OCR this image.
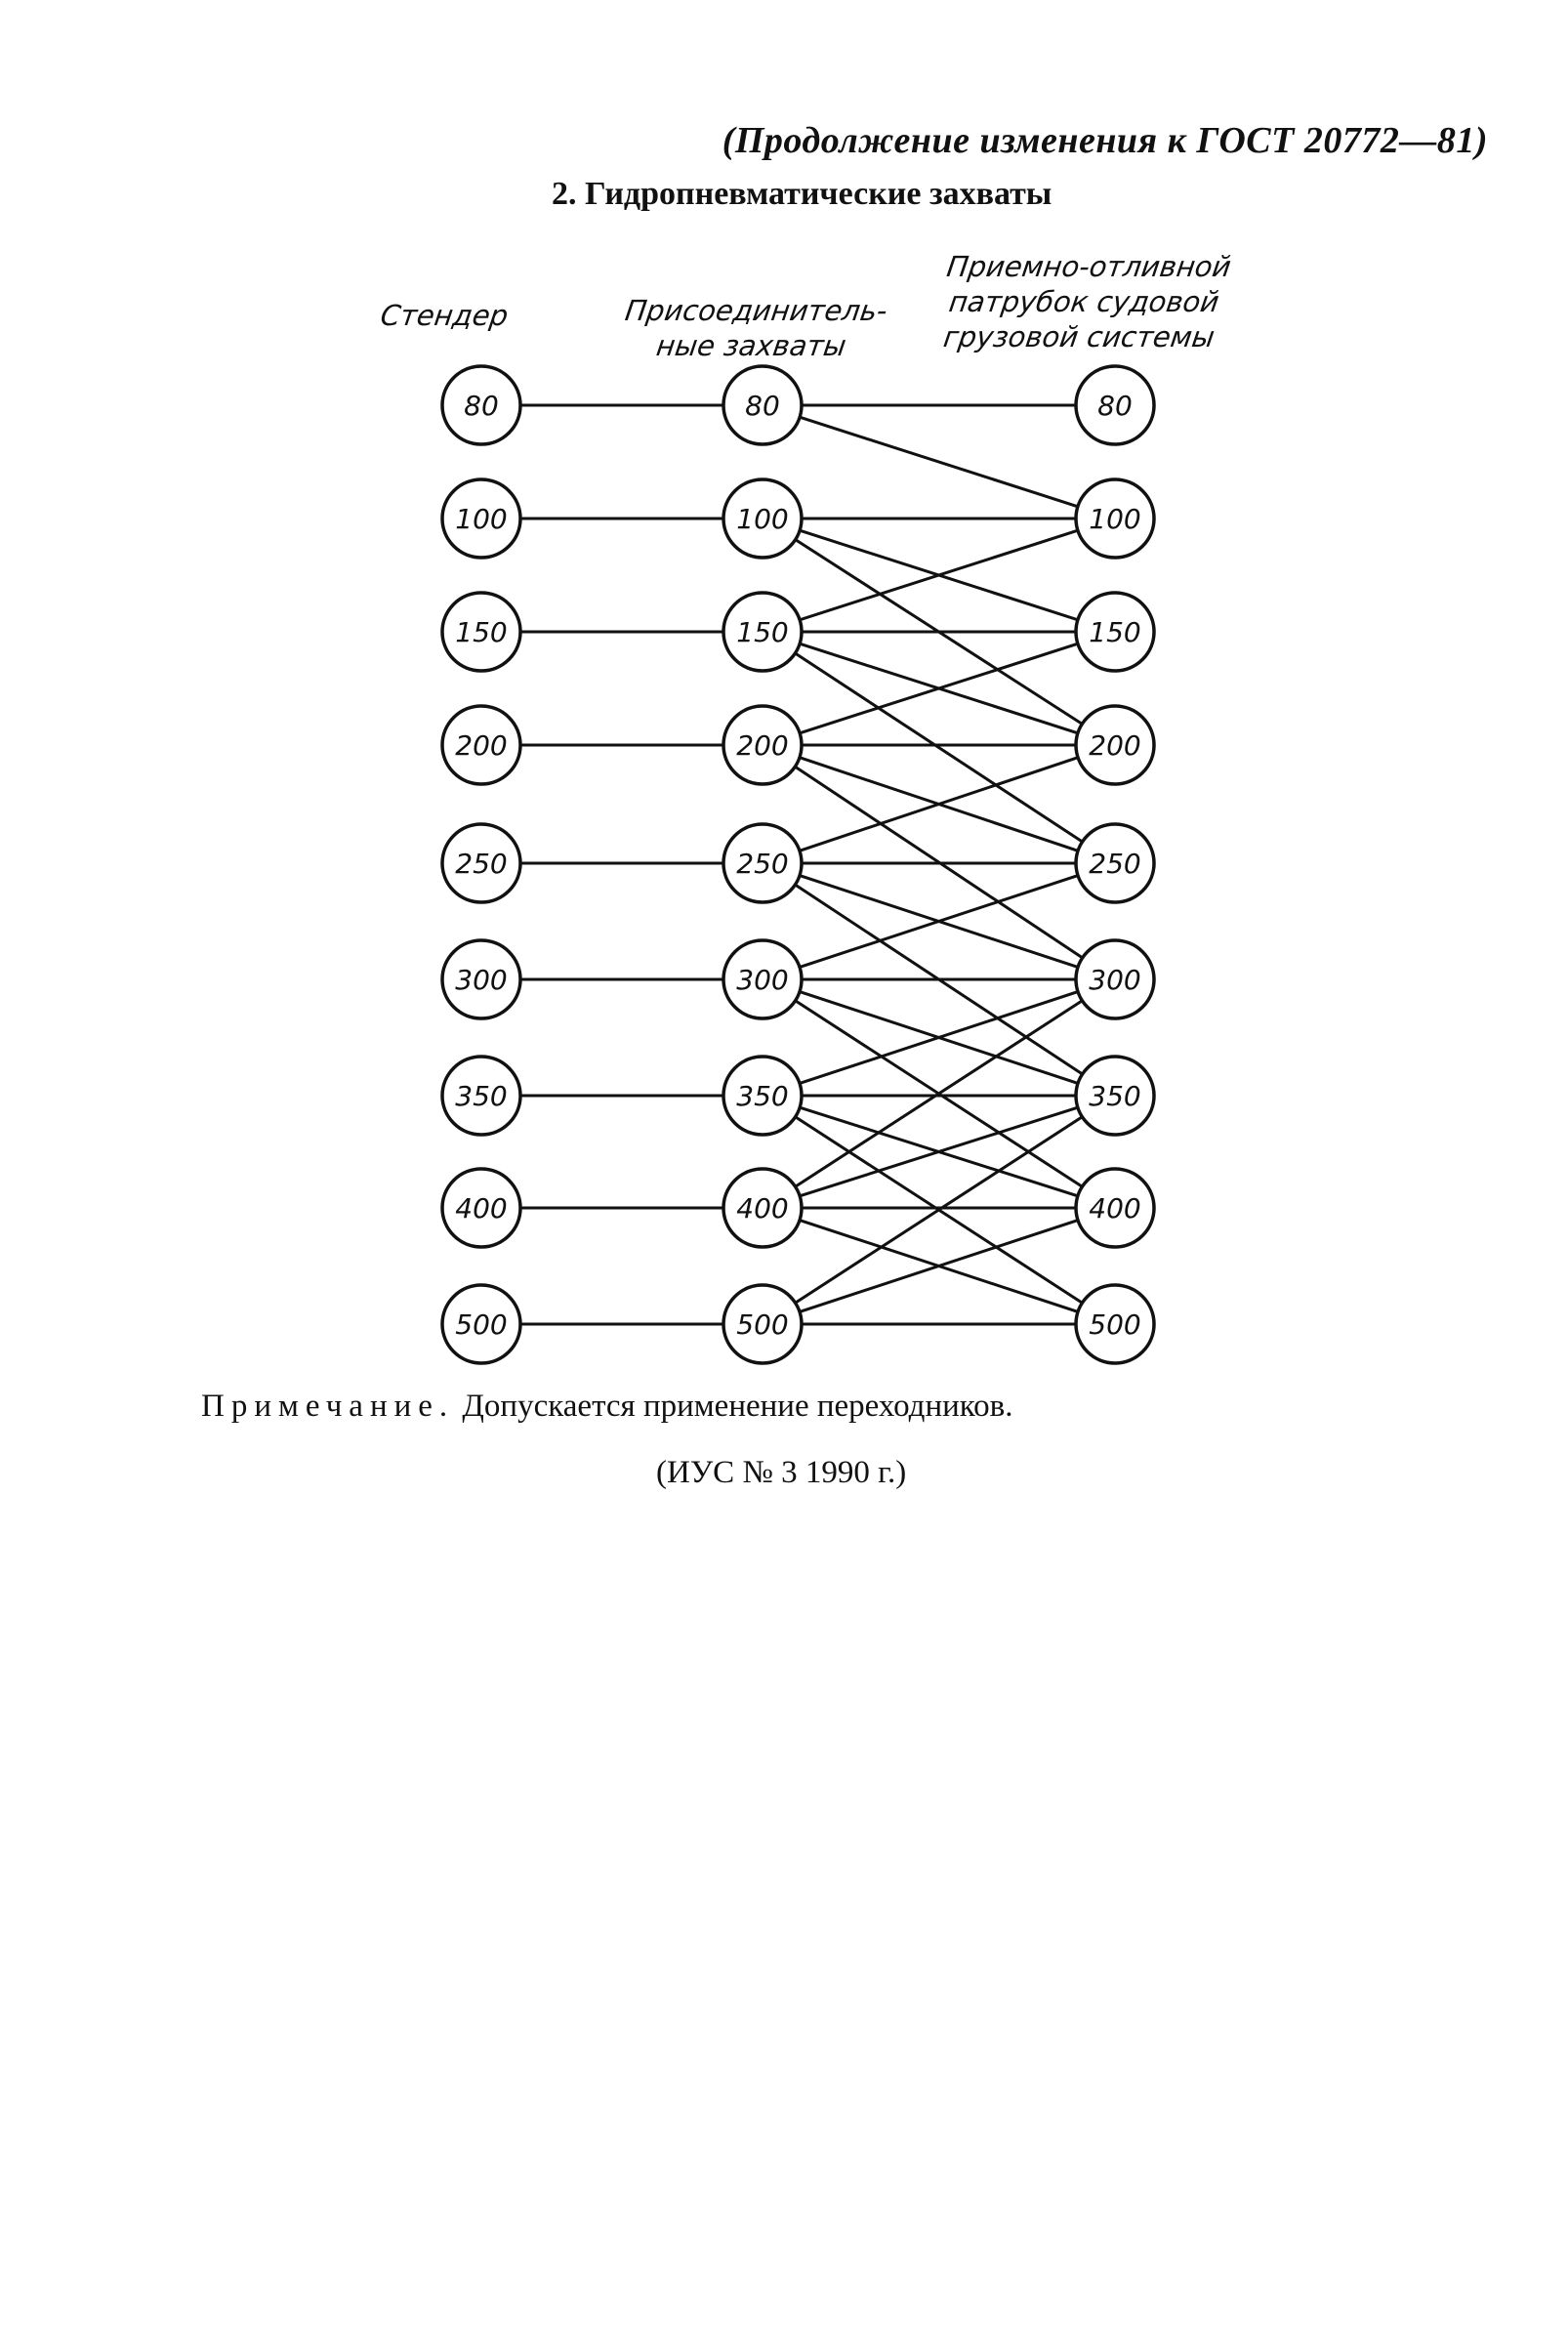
(Продолжение изменения к ГОСТ 20772—81)
2. Гидропневматические захваты
Стендер	Присоединитель-
ные захваты
Приемно-отливной
патрубок судовой
грузовой системы
80
100
150
200
250
300
350
400
500
80
100
150
200
250
300
350
400
500
80
100
150
200
250
300
350
400
500
Примечание. Допускается применение переходников.
(ИУС № 3 1990 г.)
